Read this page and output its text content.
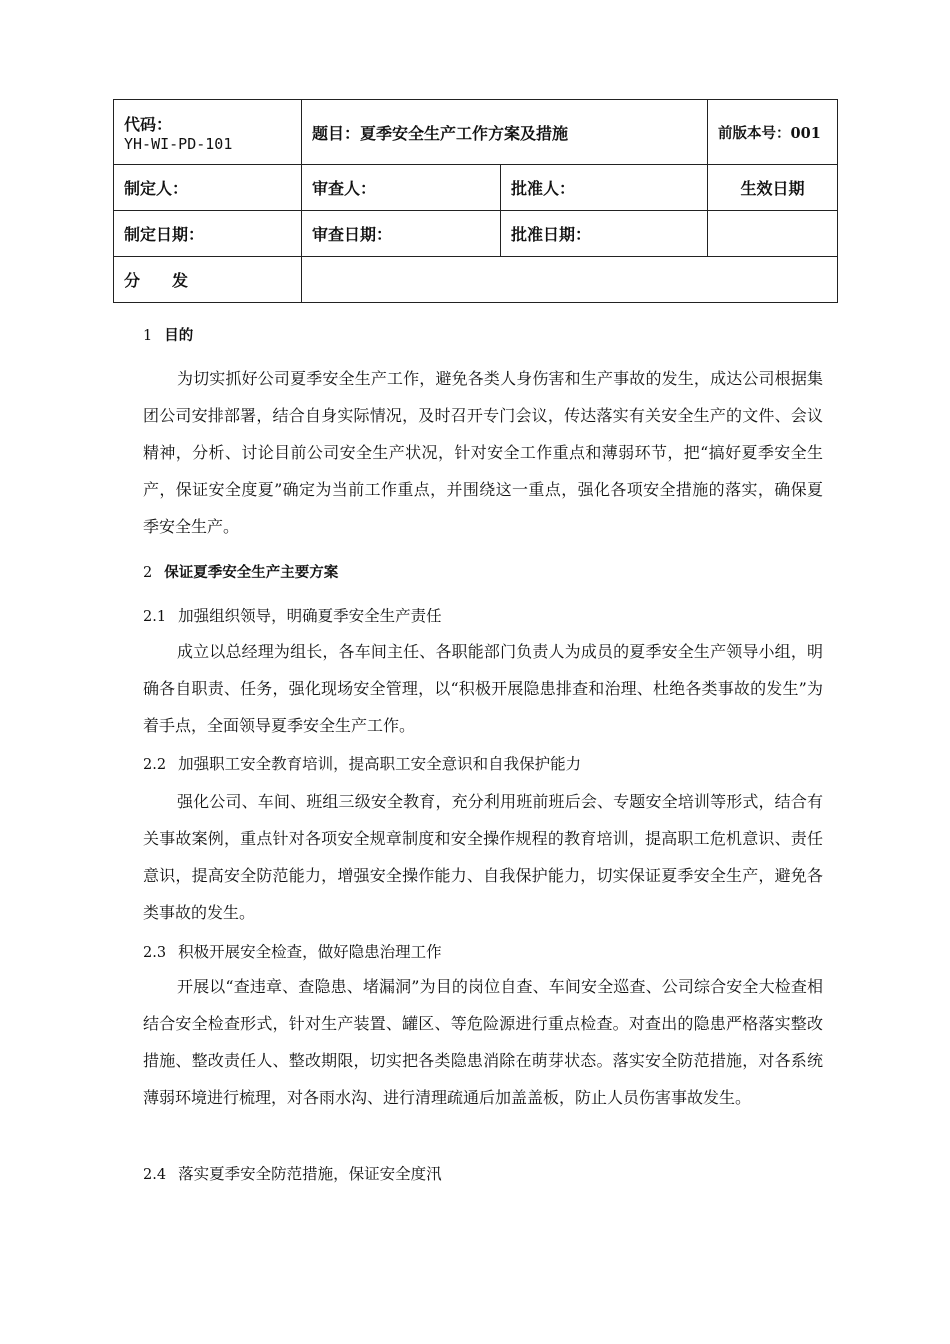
代码：
YH-WI-PD-101	题目：夏季安全生产工作方案及措施		前版本号：001
制定人：	审查人：	批准人：	生效日期
制定日期：	审查日期：	批准日期：	
分　　发			
1 目的
为切实抓好公司夏季安全生产工作，避免各类人身伤害和生产事故的发生，成达公司根据集团公司安排部署，结合自身实际情况，及时召开专门会议，传达落实有关安全生产的文件、会议精神，分析、讨论目前公司安全生产状况，针对安全工作重点和薄弱环节，把“搞好夏季安全生产，保证安全度夏”确定为当前工作重点，并围绕这一重点，强化各项安全措施的落实，确保夏季安全生产。
2 保证夏季安全生产主要方案
2.1 加强组织领导，明确夏季安全生产责任
成立以总经理为组长，各车间主任、各职能部门负责人为成员的夏季安全生产领导小组，明确各自职责、任务，强化现场安全管理，以“积极开展隐患排查和治理、杜绝各类事故的发生”为着手点，全面领导夏季安全生产工作。
2.2 加强职工安全教育培训，提高职工安全意识和自我保护能力
强化公司、车间、班组三级安全教育，充分利用班前班后会、专题安全培训等形式，结合有关事故案例，重点针对各项安全规章制度和安全操作规程的教育培训，提高职工危机意识、责任意识，提高安全防范能力，增强安全操作能力、自我保护能力，切实保证夏季安全生产，避免各类事故的发生。
2.3 积极开展安全检查，做好隐患治理工作
开展以“查违章、查隐患、堵漏洞”为目的岗位自查、车间安全巡查、公司综合安全大检查相结合安全检查形式，针对生产装置、罐区、等危险源进行重点检查。对查出的隐患严格落实整改措施、整改责任人、整改期限，切实把各类隐患消除在萌芽状态。落实安全防范措施，对各系统薄弱环境进行梳理，对各雨水沟、进行清理疏通后加盖盖板，防止人员伤害事故发生。
2.4 落实夏季安全防范措施，保证安全度汛
